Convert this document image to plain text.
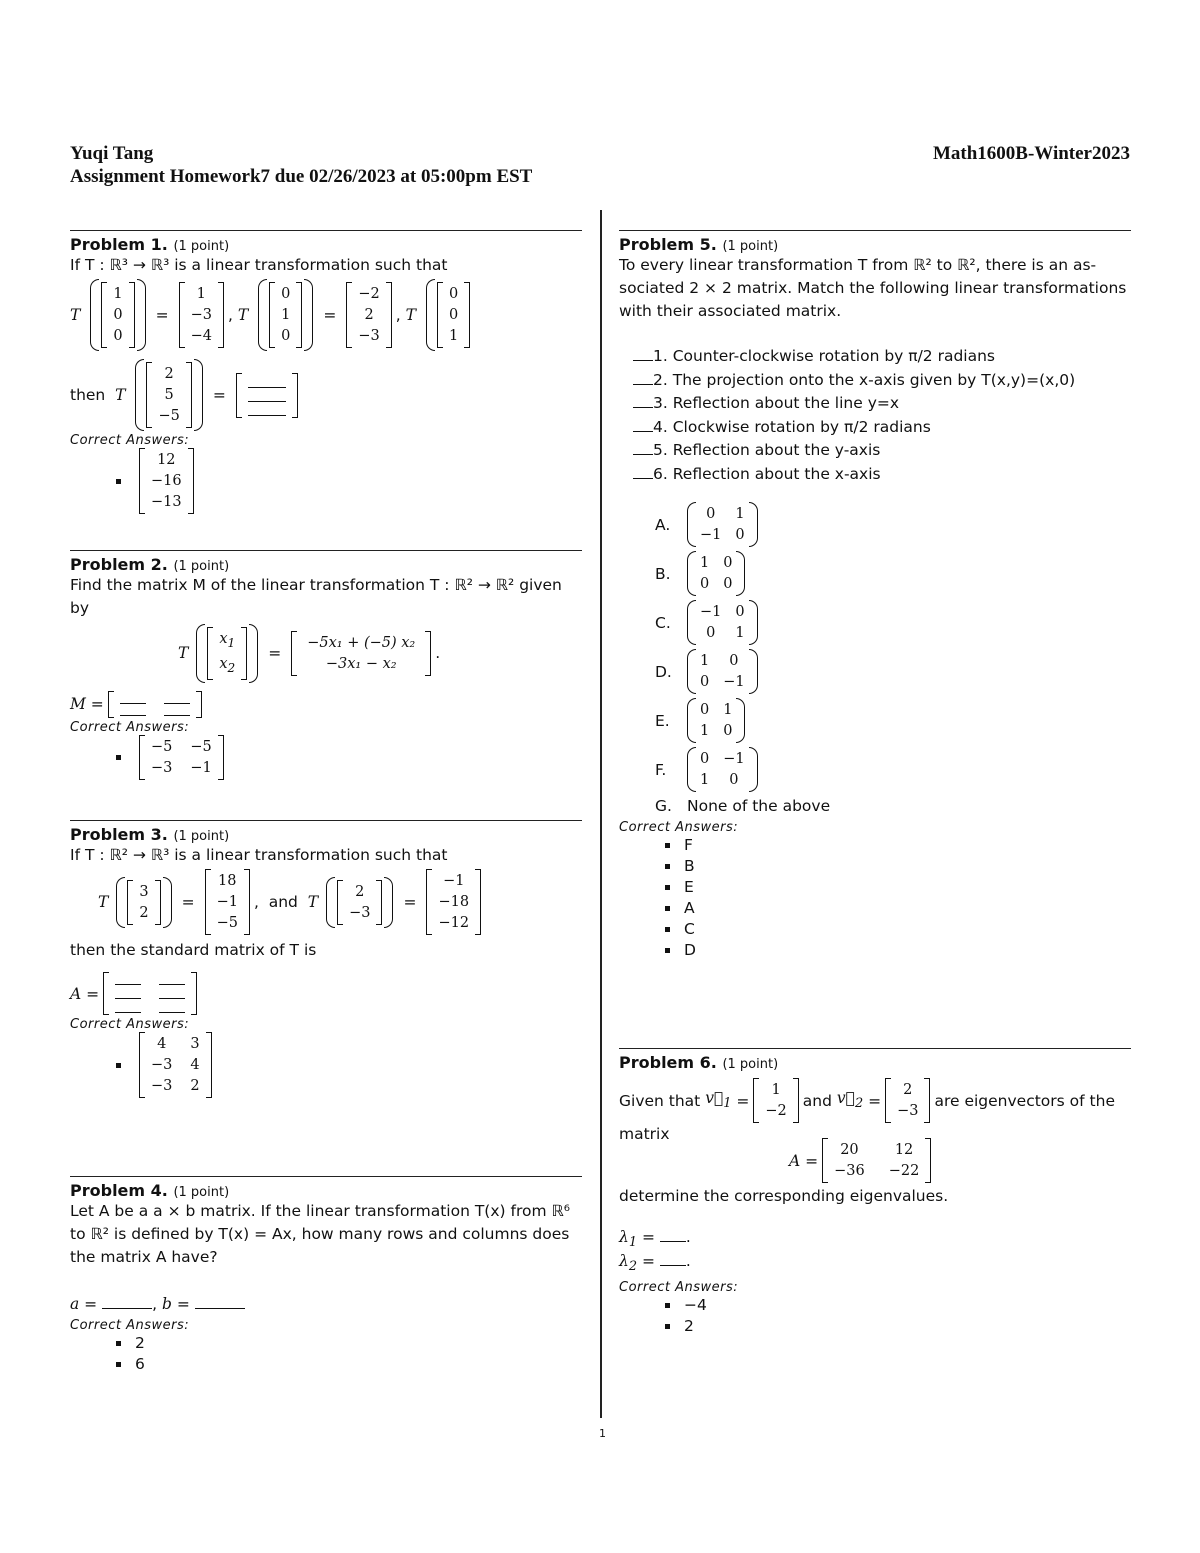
Yuqi Tang	Math1600B-Winter2023
Assignment Homework7 due 02/26/2023 at 05:00pm EST
Problem 1. (1 point)
If T : ℝ³ → ℝ³ is a linear transformation such that
T
1
0
0
=
1
−3
−4
, T
0
1
0
=
−2
2
−3
, T
0
0
1
then
T
2
5
−5
=
Correct Answers:
12
−16
−13
Problem 2. (1 point)
Find the matrix M of the linear transformation T : ℝ² → ℝ² given by
T
$x_1$
$x_2$
=
−5x₁ + (−5) x₂
−3x₁ − x₂
.
M =
Correct Answers:
−5 −5
−3 −1
Problem 3. (1 point)
If T : ℝ² → ℝ³ is a linear transformation such that
T
3
2
=
18
−1
−5
,  and T
2
−3
=
−1
−18
−12
then the standard matrix of T is
A =
Correct Answers:
4	3
−3 4
−3 2
Problem 4. (1 point)
Let A be a a × b matrix. If the linear transformation T(x) from ℝ⁶
to ℝ² is defined by T(x) = Ax, how many rows and columns does
the matrix A have?
a =	, b =
Correct Answers:
2
6
Problem 5. (1 point)
To every linear transformation T from ℝ² to ℝ², there is an as-
sociated 2 × 2 matrix. Match the following linear transformations
with their associated matrix.
1. Counter-clockwise rotation by π/2 radians
2. The projection onto the x-axis given by T(x,y)=(x,0)
3. Reflection about the line y=x
4. Clockwise rotation by π/2 radians
5. Reflection about the y-axis
6. Reflection about the x-axis
A.
0	1
−1 0
B.
1 0
0 0
C.
−1 0
0	1
D.
1	0
0 −1
E.
0 1
1 0
F.
0 −1
1	0
G. None of the above
Correct Answers:
F
B
E
A
C
D
Problem 6. (1 point)
Given that
$v⃗_1$ =
1
−2
and
$v⃗_2$ =
2
−3
are eigenvectors of the
matrix
A =
20	12
−36 −22
determine the corresponding eigenvalues.
$\lambda_1$ = .
$\lambda_2$ = .
Correct Answers:
−4
2
1
